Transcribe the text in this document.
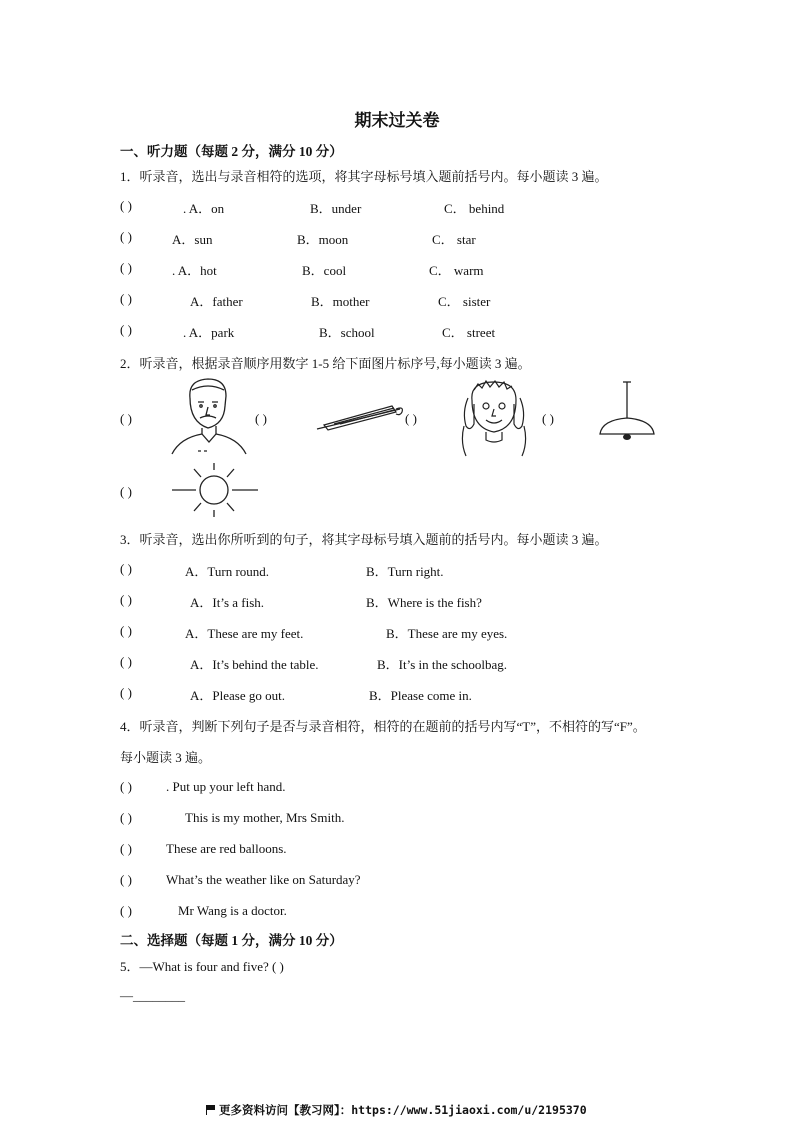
期末过关卷
一、听力题（每题 2 分，满分 10 分）
1．听录音，选出与录音相符的选项，将其字母标号填入题前括号内。每小题读 3 遍。
( )	. A．on	B．under	C． behind
( )	A．sun	B．moon	C． star
( )	. A．hot	B．cool	C． warm
( )	A．father	B．mother	C． sister
( )	. A．park	B．school	C． street
2．听录音，根据录音顺序用数字 1-5 给下面图片标序号,每小题读 3 遍。
( )	( )	( )	( )
( )
3．听录音，选出你所听到的句子，将其字母标号填入题前的括号内。每小题读 3 遍。
( )	A．Turn round.	B．Turn right.
( )	A．It’s a fish.	B．Where is the fish?
( )	A．These are my feet.	B．These are my eyes.
( )	A．It’s behind the table.	B．It’s in the schoolbag.
( )	A．Please go out.	B．Please come in.
4．听录音，判断下列句子是否与录音相符，相符的在题前的括号内写“T”，不相符的写“F”。
每小题读 3 遍。
( )	. Put up your left hand.
( )	This is my mother, Mrs Smith.
( )	These are red balloons.
( )	What’s the weather like on Saturday?
( )	Mr Wang is a doctor.
二、选择题（每题 1 分，满分 10 分）
5．—What is four and five? ( )
—________
更多资料访问【教习网】：https://www.51jiaoxi.com/u/2195370
